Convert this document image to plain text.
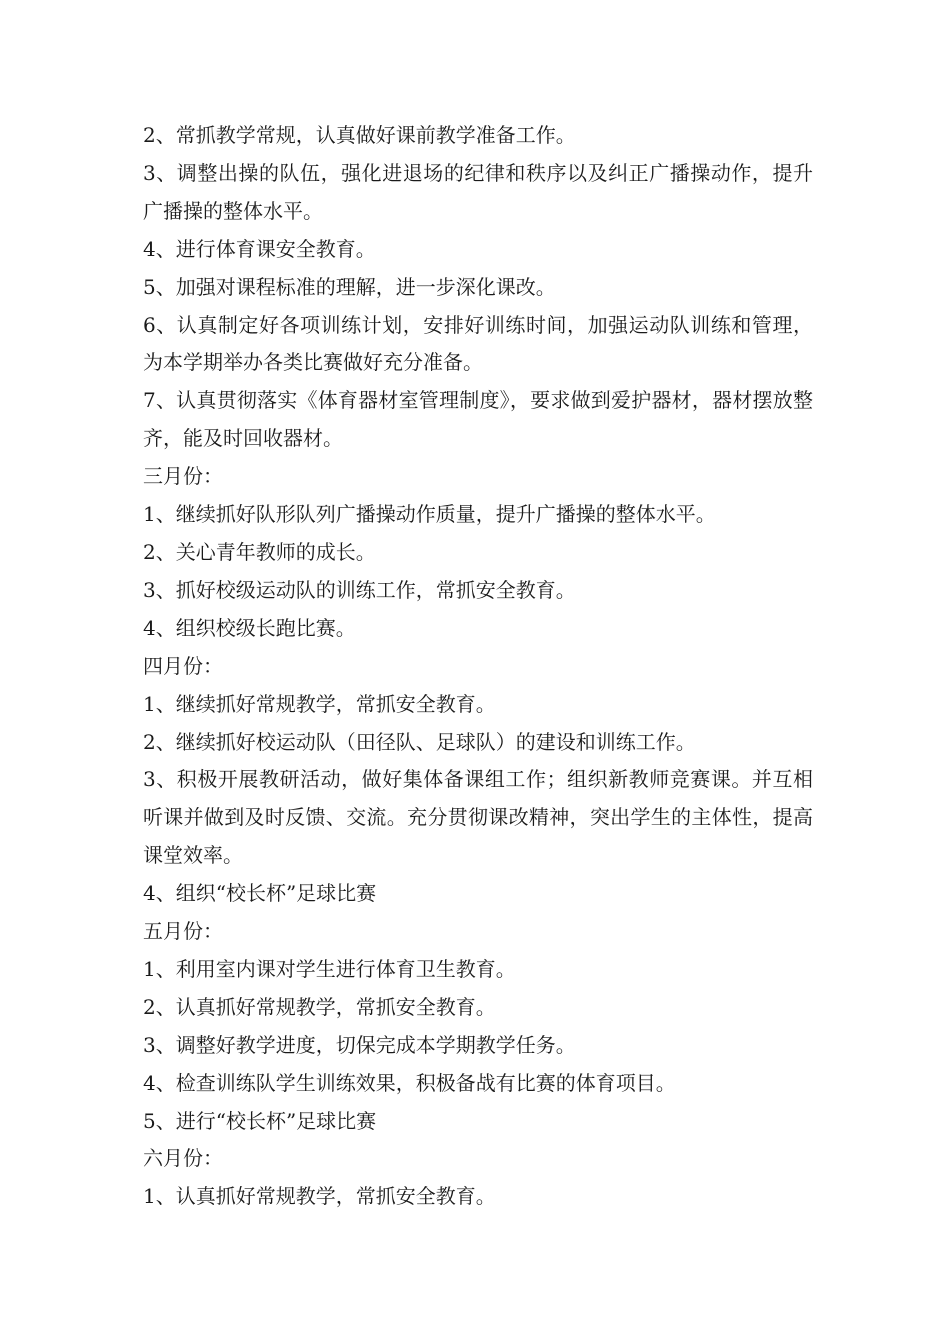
2、常抓教学常规，认真做好课前教学准备工作。

3、调整出操的队伍，强化进退场的纪律和秩序以及纠正广播操动作，提升广播操的整体水平。

4、进行体育课安全教育。

5、加强对课程标准的理解，进一步深化课改。

6、认真制定好各项训练计划，安排好训练时间，加强运动队训练和管理，为本学期举办各类比赛做好充分准备。

7、认真贯彻落实《体育器材室管理制度》，要求做到爱护器材，器材摆放整齐，能及时回收器材。

三月份：

1、继续抓好队形队列广播操动作质量，提升广播操的整体水平。

2、关心青年教师的成长。

3、抓好校级运动队的训练工作，常抓安全教育。

4、组织校级长跑比赛。

四月份：

1、继续抓好常规教学，常抓安全教育。

2、继续抓好校运动队（田径队、足球队）的建设和训练工作。

3、积极开展教研活动，做好集体备课组工作；组织新教师竞赛课。并互相听课并做到及时反馈、交流。充分贯彻课改精神，突出学生的主体性，提高课堂效率。

4、组织“校长杯”足球比赛

五月份：

1、利用室内课对学生进行体育卫生教育。

2、认真抓好常规教学，常抓安全教育。

3、调整好教学进度，切保完成本学期教学任务。

4、检查训练队学生训练效果，积极备战有比赛的体育项目。

5、进行“校长杯”足球比赛

六月份：

1、认真抓好常规教学，常抓安全教育。
